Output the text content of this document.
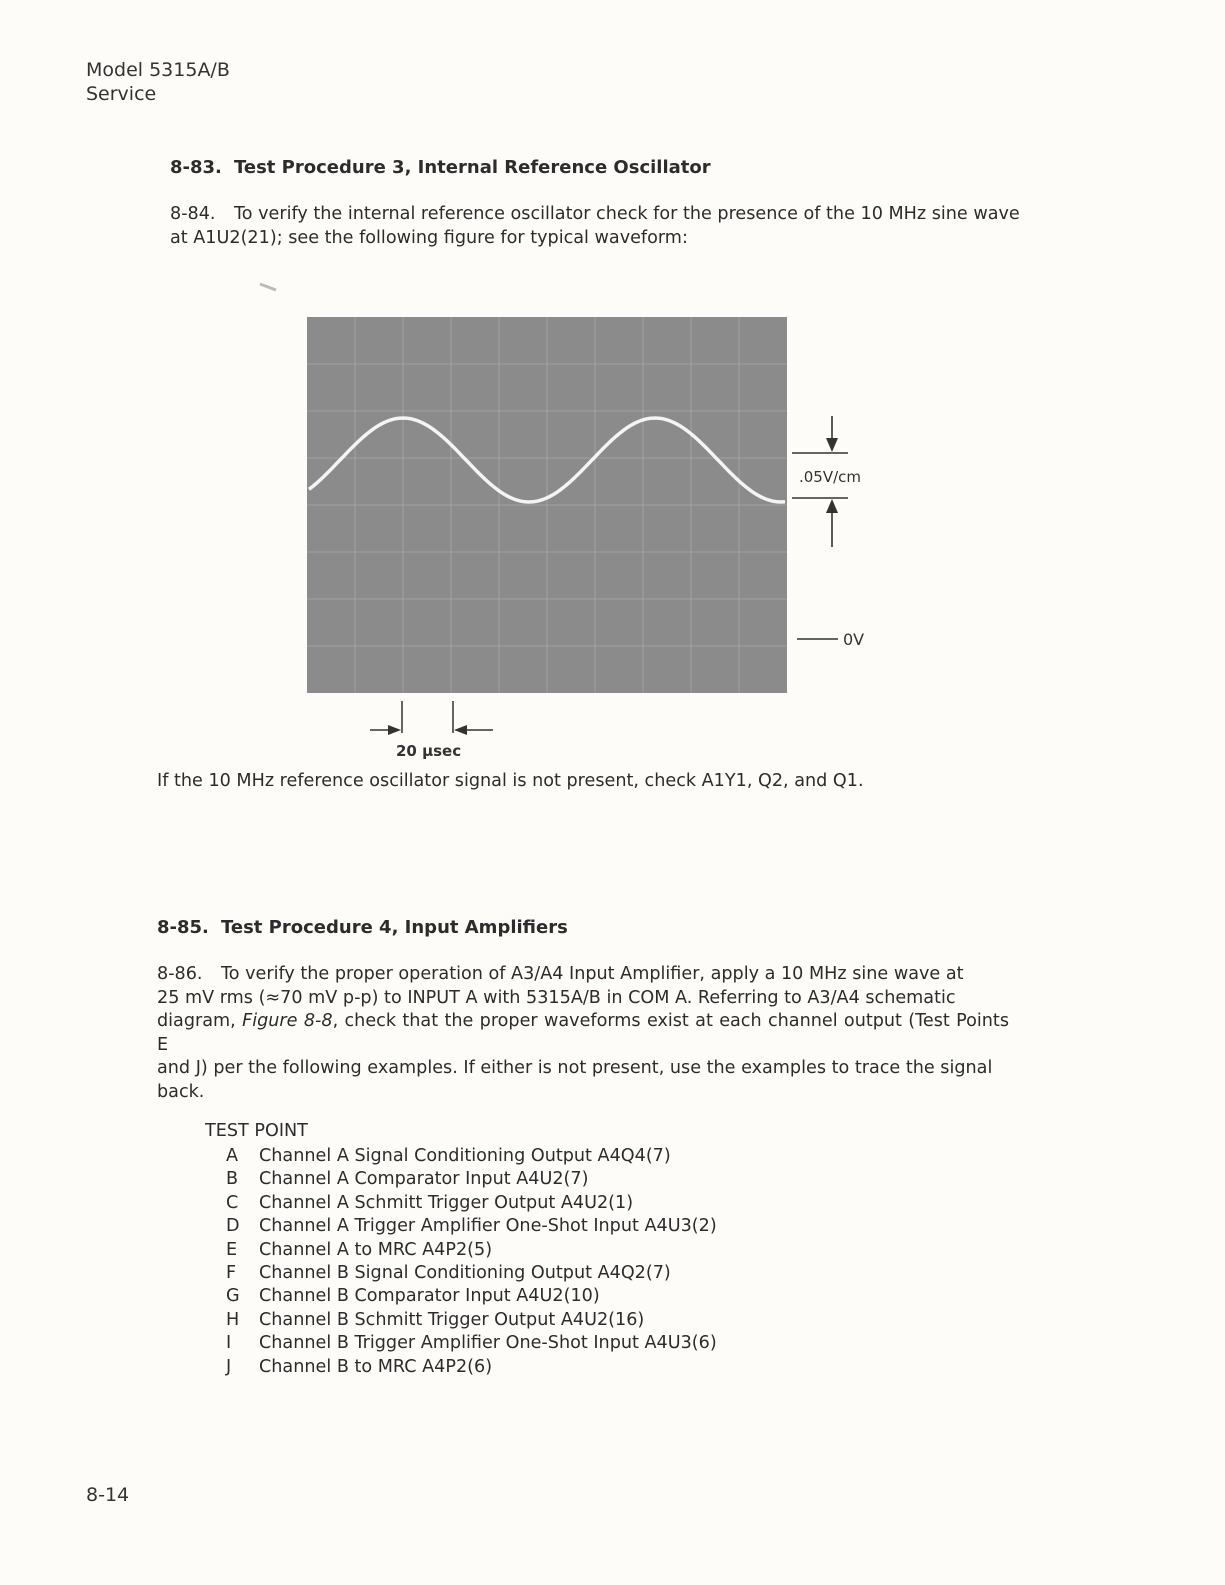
Model 5315A/B
Service
8-83. Test Procedure 3, Internal Reference Oscillator
8-84. To verify the internal reference oscillator check for the presence of the 10 MHz sine wave
at A1U2(21); see the following figure for typical waveform:
.05V/cm
0V
20 μsec
If the 10 MHz reference oscillator signal is not present, check A1Y1, Q2, and Q1.
8-85. Test Procedure 4, Input Amplifiers
8-86. To verify the proper operation of A3/A4 Input Amplifier, apply a 10 MHz sine wave at
25 mV rms (≈70 mV p-p) to INPUT A with 5315A/B in COM A. Referring to A3/A4 schematic
diagram, Figure 8-8, check that the proper waveforms exist at each channel output (Test Points E
and J) per the following examples. If either is not present, use the examples to trace the signal
back.
TEST POINT
A	Channel A Signal Conditioning Output A4Q4(7)
B	Channel A Comparator Input A4U2(7)
C	Channel A Schmitt Trigger Output A4U2(1)
D	Channel A Trigger Amplifier One-Shot Input A4U3(2)
E	Channel A to MRC A4P2(5)
F	Channel B Signal Conditioning Output A4Q2(7)
G	Channel B Comparator Input A4U2(10)
H	Channel B Schmitt Trigger Output A4U2(16)
I	Channel B Trigger Amplifier One-Shot Input A4U3(6)
J	Channel B to MRC A4P2(6)
8-14
